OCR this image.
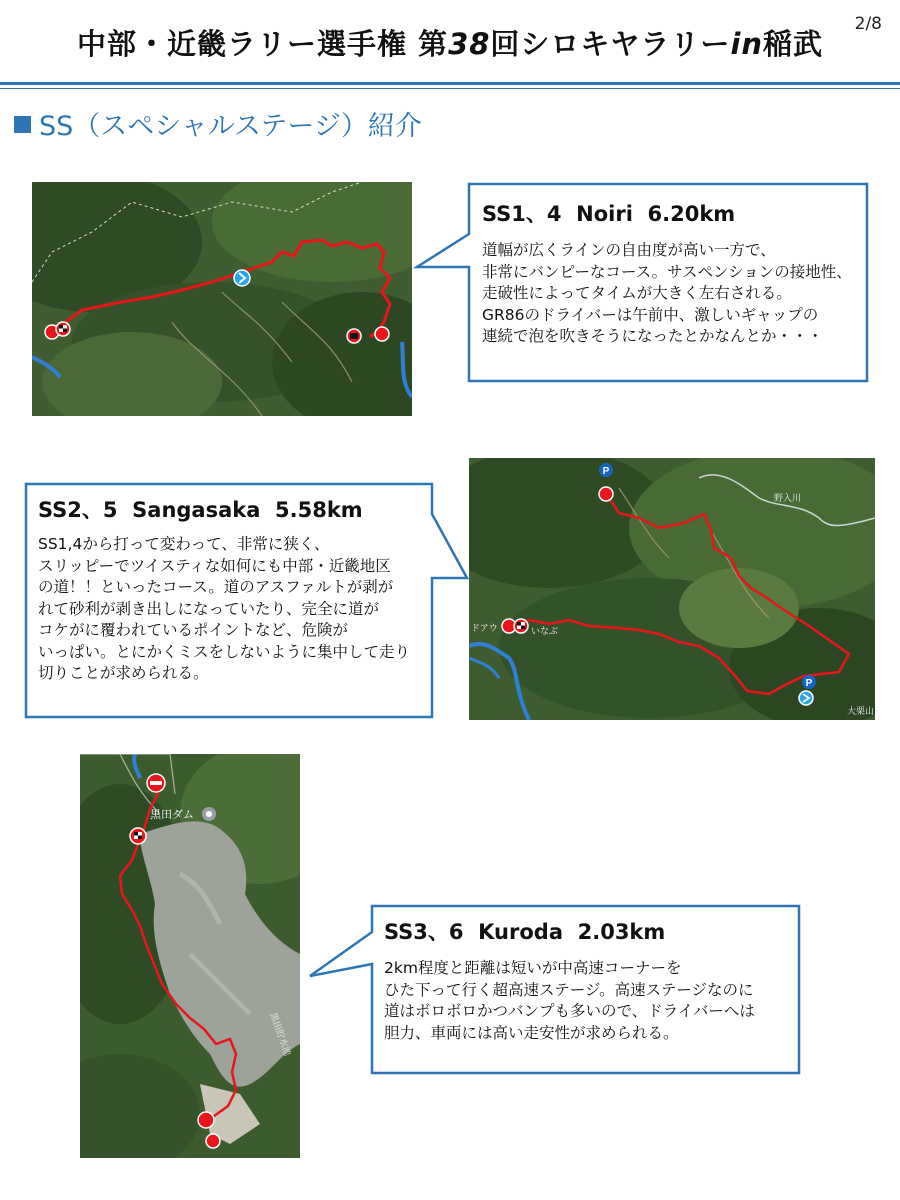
2/8
中部・近畿ラリー選手権 第38回シロキヤラリーin稲武
SS（スペシャルステージ）紹介
SS1、4  Noiri  6.20km
道幅が広くラインの自由度が高い一方で、
非常にバンピーなコース。サスペンションの接地性、
走破性によってタイムが大きく左右される。
GR86のドライバーは午前中、激しいギャップの
連続で泡を吹きそうになったとかなんとか・・・
SS2、5  Sangasaka  5.58km
SS1,4から打って変わって、非常に狭く、
スリッピーでツイスティな如何にも中部・近畿地区
の道！！といったコース。道のアスファルトが剥が
れて砂利が剥き出しになっていたり、完全に道が
コケがに覆われているポイントなど、危険が
いっぱい。とにかくミスをしないように集中して走り
切りことが求められる。
P
P
野入川
ドアウ	いなぶ
大栗山
黒田ダム
黒田貯水池
SS3、6  Kuroda  2.03km
2km程度と距離は短いが中高速コーナーを
ひた下って行く超高速ステージ。高速ステージなのに
道はボロボロかつバンプも多いので、ドライバーへは
胆力、車両には高い走安性が求められる。
